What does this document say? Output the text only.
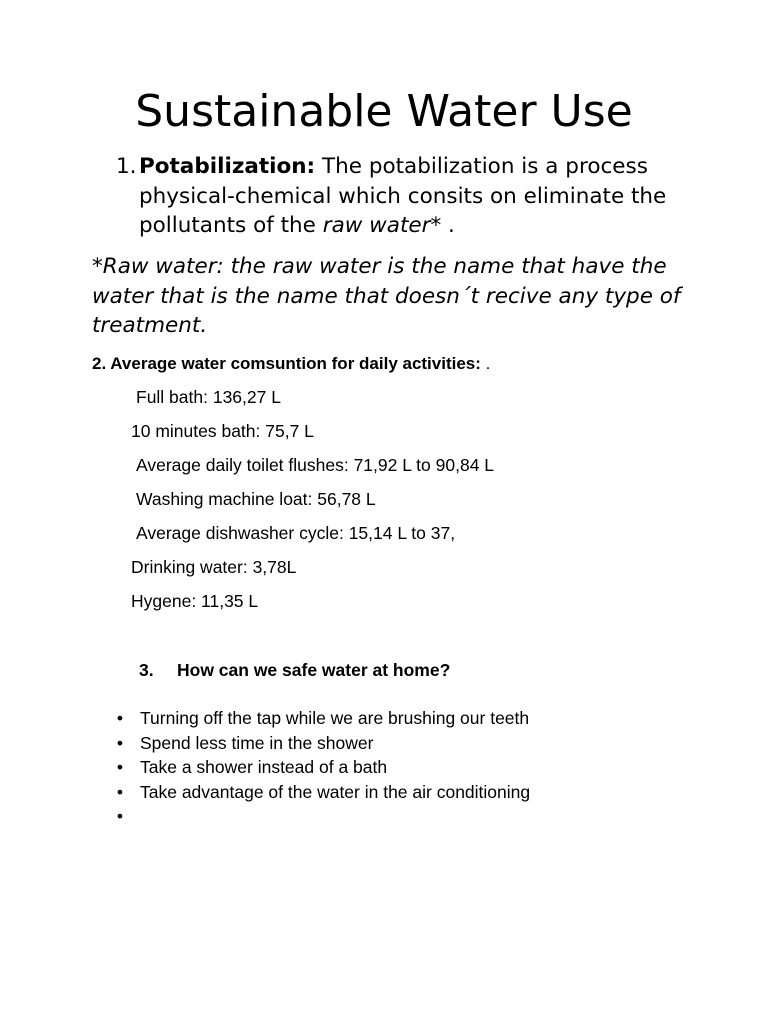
Sustainable Water Use
1. Potabilization: The potabilization is a process physical-chemical which consits on eliminate the pollutants of the raw water* .
*Raw water: the raw water is the name that have the water that is the name that doesn´t recive any type of treatment.
2. Average water comsuntion for daily activities: .
Full bath: 136,27 L
10 minutes bath: 75,7 L
Average daily toilet flushes: 71,92 L to 90,84 L
Washing machine loat: 56,78 L
Average dishwasher cycle: 15,14 L to 37,
Drinking water: 3,78L
Hygene: 11,35 L
3. How can we safe water at home?
• Turning off the tap while we are brushing our teeth
• Spend less time in the shower
• Take a shower instead of a bath
• Take advantage of the water in the air conditioning
•
